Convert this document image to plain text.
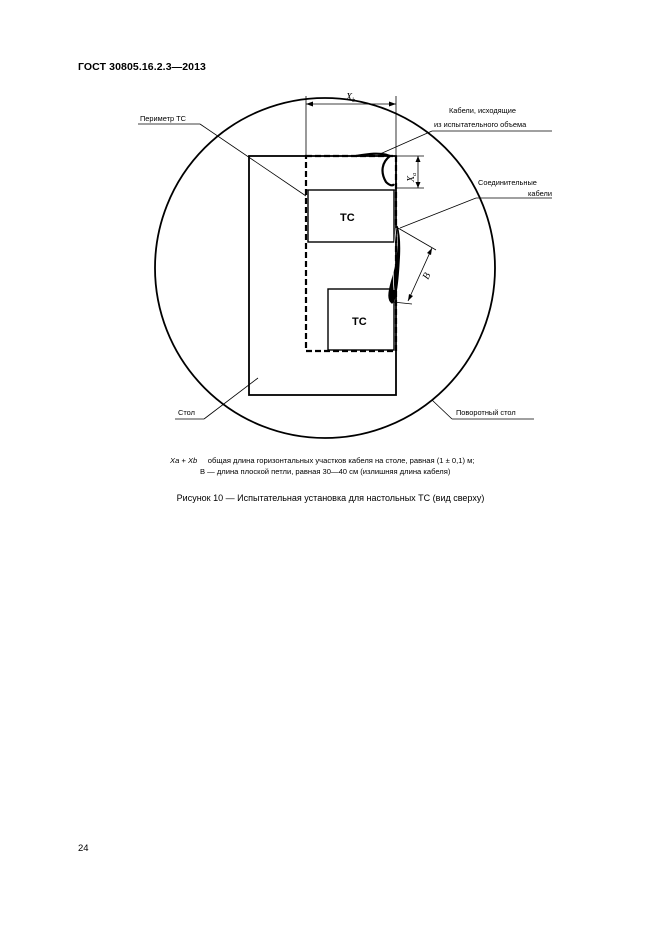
ГОСТ 30805.16.2.3—2013
ТС
ТС
$X_b$
$X_a$
B
Периметр ТС
Кабели, исходящие
из испытательного объема
Соединительные
кабели
Стол	Поворотный стол
Xa + Xb общая длина горизонтальных участков кабеля на столе, равная (1 ± 0,1) м;
B — длина плоской петли, равная 30—40 см (излишняя длина кабеля)
Рисунок 10 — Испытательная установка для настольных ТС (вид сверху)
24
